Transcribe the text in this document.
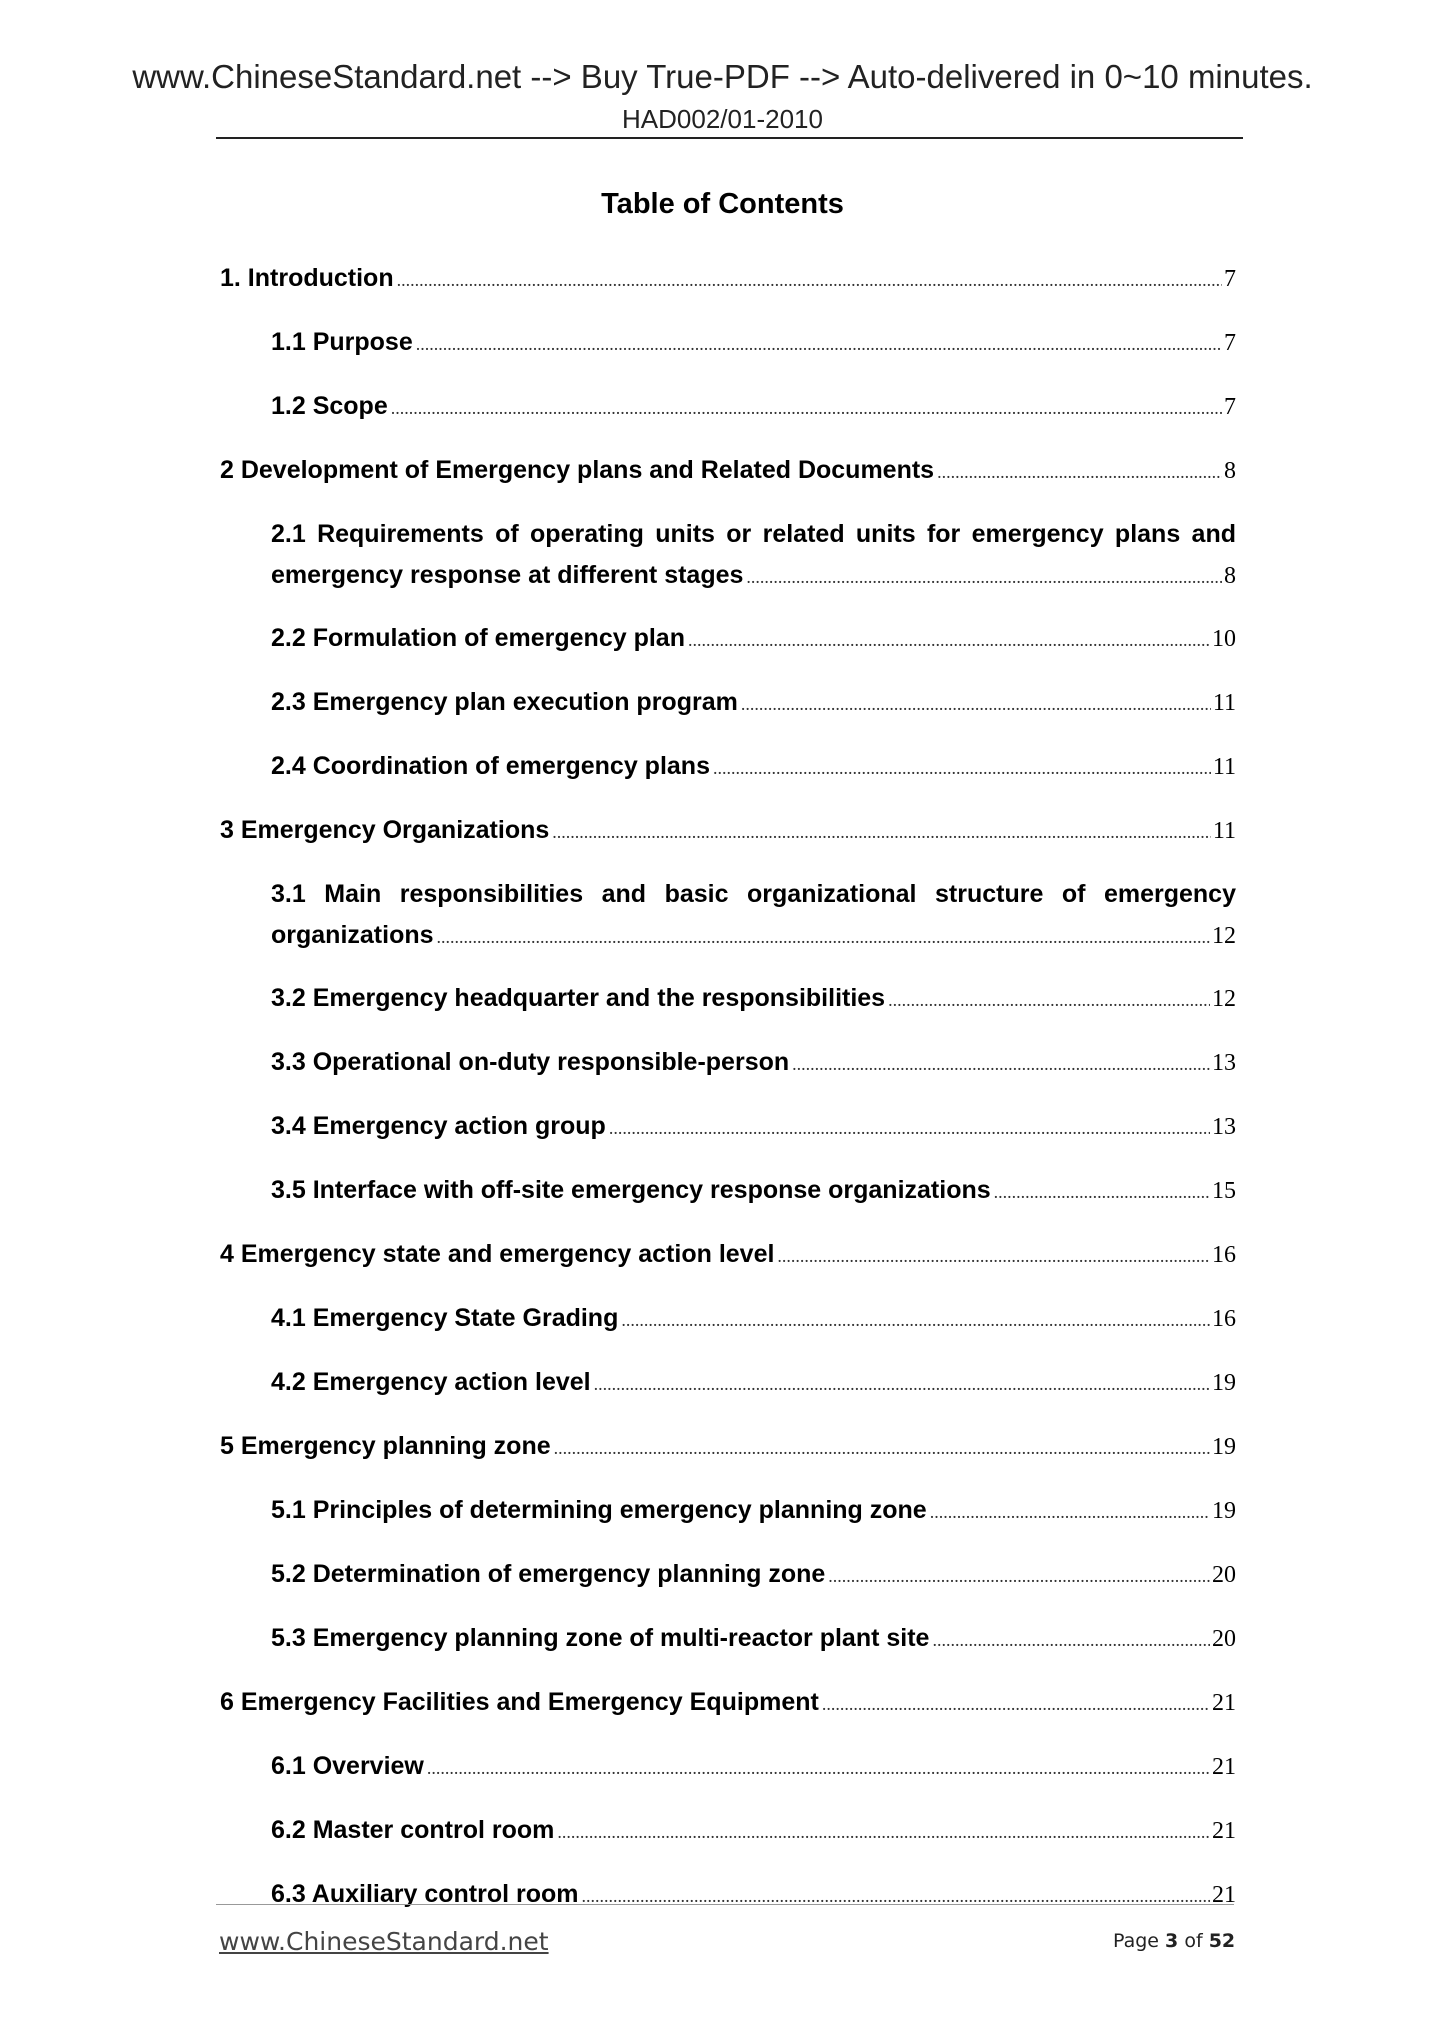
www.ChineseStandard.net --> Buy True-PDF --> Auto-delivered in 0~10 minutes.
HAD002/01-2010
Table of Contents
1. Introduction .....	7
1.1 Purpose .....	7
1.2 Scope .....	7
2 Development of Emergency plans and Related Documents .....	8
2.1 Requirements of operating units or related units for emergency plans and
emergency response at different stages .....	8
2.2 Formulation of emergency plan .....	10
2.3 Emergency plan execution program .....	11
2.4 Coordination of emergency plans .....	11
3 Emergency Organizations .....	11
3.1 Main responsibilities and basic organizational structure of emergency
organizations .....	12
3.2 Emergency headquarter and the responsibilities .....	12
3.3 Operational on-duty responsible-person .....	13
3.4 Emergency action group .....	13
3.5 Interface with off-site emergency response organizations .....	15
4 Emergency state and emergency action level .....	16
4.1 Emergency State Grading .....	16
4.2 Emergency action level .....	19
5 Emergency planning zone .....	19
5.1 Principles of determining emergency planning zone .....	19
5.2 Determination of emergency planning zone .....	20
5.3 Emergency planning zone of multi-reactor plant site .....	20
6 Emergency Facilities and Emergency Equipment .....	21
6.1 Overview .....	21
6.2 Master control room .....	21
6.3 Auxiliary control room .....	21
www.ChineseStandard.net	Page 3 of 52
